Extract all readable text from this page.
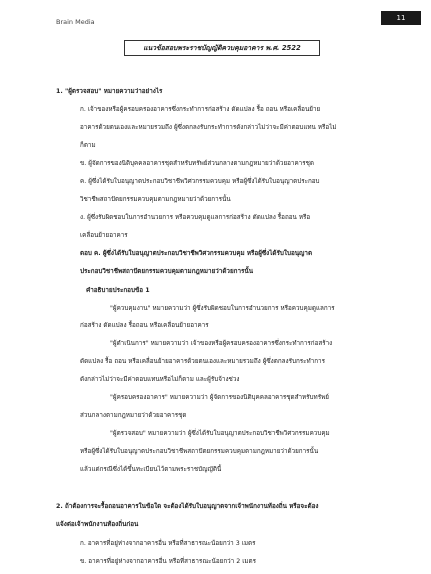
Brain Media	11
แนวข้อสอบพระราชบัญญัติควบคุมอาคาร พ.ศ. 2522
1. "ผู้ตรวจสอบ" หมายความว่าอย่างไร
ก. เจ้าของหรือผู้ครอบครองอาคารซึ่งกระทำการก่อสร้าง ดัดแปลง รื้อ ถอน หรือเคลื่อนย้าย
อาคารด้วยตนเองและหมายรวมถึง ผู้ซึ่งตกลงรับกระทำการดังกล่าวไม่ว่าจะมีค่าตอบแทน หรือไม่
ก็ตาม
ข. ผู้จัดการของนิติบุคคลอาคารชุดสำหรับทรัพย์ส่วนกลางตามกฎหมายว่าด้วยอาคารชุด
ค. ผู้ซึ่งได้รับใบอนุญาตประกอบวิชาชีพวิศวกรรมควบคุม หรือผู้ซึ่งได้รับใบอนุญาตประกอบ
วิชาชีพสถาปัตยกรรมควบคุมตามกฎหมายว่าด้วยการนั้น
ง. ผู้ซึ่งรับผิดชอบในการอำนวยการ หรือควบคุมดูแลการก่อสร้าง ดัดแปลง รื้อถอน หรือ
เคลื่อนย้ายอาคาร
ตอบ ค. ผู้ซึ่งได้รับใบอนุญาตประกอบวิชาชีพวิศวกรรมควบคุม หรือผู้ซึ่งได้รับใบอนุญาต
ประกอบวิชาชีพสถาปัตยกรรมควบคุมตามกฎหมายว่าด้วยการนั้น
คำอธิบายประกอบข้อ 1
"ผู้ควบคุมงาน" หมายความว่า ผู้ซึ่งรับผิดชอบในการอำนวยการ หรือควบคุมดูแลการ
ก่อสร้าง ดัดแปลง รื้อถอน หรือเคลื่อนย้ายอาคาร
"ผู้ดำเนินการ" หมายความว่า เจ้าของหรือผู้ครอบครองอาคารซึ่งกระทำการก่อสร้าง
ดัดแปลง รื้อ ถอน หรือเคลื่อนย้ายอาคารด้วยตนเองและหมายรวมถึง ผู้ซึ่งตกลงรับกระทำการ
ดังกล่าวไม่ว่าจะมีค่าตอบแทนหรือไม่ก็ตาม และผู้รับจ้างช่วง
"ผู้ครอบครองอาคาร" หมายความว่า ผู้จัดการของนิติบุคคลอาคารชุดสำหรับทรัพย์
ส่วนกลางตามกฎหมายว่าด้วยอาคารชุด
"ผู้ตรวจสอบ" หมายความว่า ผู้ซึ่งได้รับใบอนุญาตประกอบวิชาชีพวิศวกรรมควบคุม
หรือผู้ซึ่งได้รับใบอนุญาตประกอบวิชาชีพสถาปัตยกรรมควบคุมตามกฎหมายว่าด้วยการนั้น
แล้วแต่กรณีซึ่งได้ขึ้นทะเบียนไว้ตามพระราชบัญญัตินี้
2. ถ้าต้องการจะรื้อถอนอาคารในข้อใด จะต้องได้รับใบอนุญาตจากเจ้าพนักงานท้องถิ่น หรือจะต้อง
แจ้งต่อเจ้าพนักงานท้องถิ่นก่อน
ก. อาคารที่อยู่ห่างจากอาคารอื่น หรือที่สาธารณะน้อยกว่า 3 เมตร
ข. อาคารที่อยู่ห่างจากอาคารอื่น หรือที่สาธารณะน้อยกว่า 2 เมตร
